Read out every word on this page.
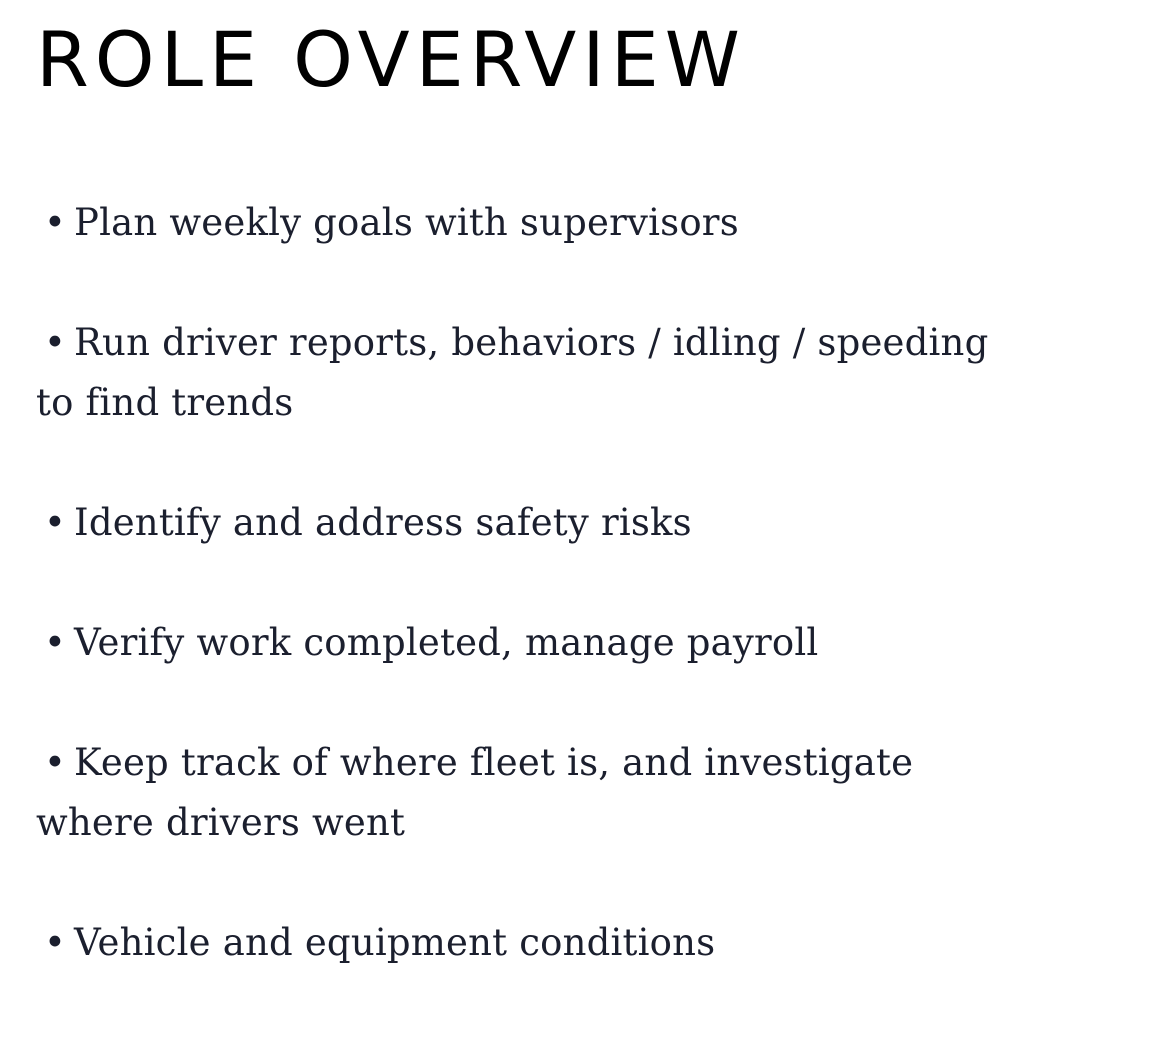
ROLE OVERVIEW
• Plan weekly goals with supervisors
• Run driver reports, behaviors / idling / speeding to find trends
• Identify and address safety risks
• Verify work completed, manage payroll
• Keep track of where fleet is, and investigate where drivers went
• Vehicle and equipment conditions
